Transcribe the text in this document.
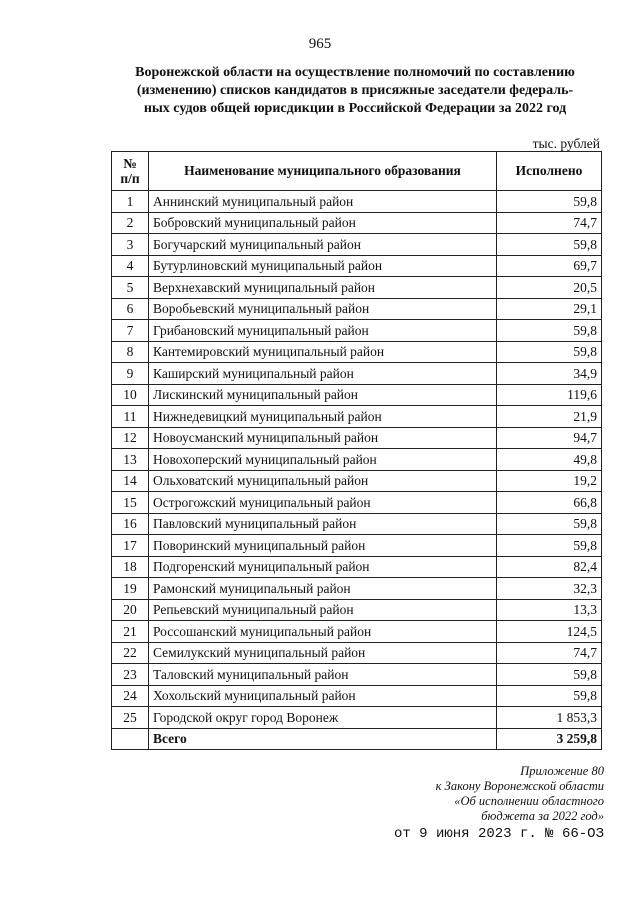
965
Воронежской области на осуществление полномочий по составлению
(изменению) списков кандидатов в присяжные заседатели федераль-
ных судов общей юрисдикции в Российской Федерации за 2022 год
тыс. рублей
№
п/п	Наименование муниципального образования	Исполнено
1	Аннинский муниципальный район	59,8
2	Бобровский муниципальный район	74,7
3	Богучарский муниципальный район	59,8
4	Бутурлиновский муниципальный район	69,7
5	Верхнехавский муниципальный район	20,5
6	Воробьевский муниципальный район	29,1
7	Грибановский муниципальный район	59,8
8	Кантемировский муниципальный район	59,8
9	Каширский муниципальный район	34,9
10	Лискинский муниципальный район	119,6
11	Нижнедевицкий муниципальный район	21,9
12	Новоусманский муниципальный район	94,7
13	Новохоперский муниципальный район	49,8
14	Ольховатский муниципальный район	19,2
15	Острогожский муниципальный район	66,8
16	Павловский муниципальный район	59,8
17	Поворинский муниципальный район	59,8
18	Подгоренский муниципальный район	82,4
19	Рамонский муниципальный район	32,3
20	Репьевский муниципальный район	13,3
21	Россошанский муниципальный район	124,5
22	Семилукский муниципальный район	74,7
23	Таловский муниципальный район	59,8
24	Хохольский муниципальный район	59,8
25	Городской округ город Воронеж	1 853,3
	Всего	3 259,8
Приложение 80
к Закону Воронежской области
«Об исполнении областного
бюджета за 2022 год»
от 9 июня 2023 г. № 66-ОЗ
